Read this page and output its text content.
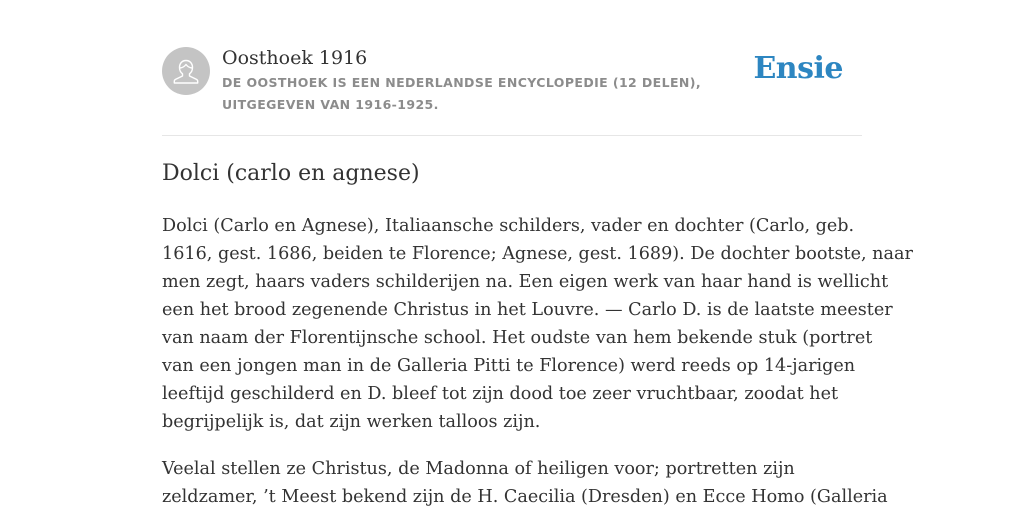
Oosthoek 1916

DE OOSTHOEK IS EEN NEDERLANDSE ENCYCLOPEDIE (12 DELEN), UITGEGEVEN VAN 1916-1925.

Ensie
Dolci (carlo en agnese)

Dolci (Carlo en Agnese), Italiaansche schilders, vader en dochter (Carlo, geb.
1616, gest. 1686, beiden te Florence; Agnese, gest. 1689). De dochter bootste, naar
men zegt, haars vaders schilderijen na. Een eigen werk van haar hand is wellicht
een het brood zegenende Christus in het Louvre. — Carlo D. is de laatste meester
van naam der Florentijnsche school. Het oudste van hem bekende stuk (portret
van een jongen man in de Galleria Pitti te Florence) werd reeds op 14-jarigen
leeftijd geschilderd en D. bleef tot zijn dood toe zeer vruchtbaar, zoodat het
begrijpelijk is, dat zijn werken talloos zijn.

Veelal stellen ze Christus, de Madonna of heiligen voor; portretten zijn
zeldzamer, ’t Meest bekend zijn de H. Caecilia (Dresden) en Ecce Homo (Galleria
